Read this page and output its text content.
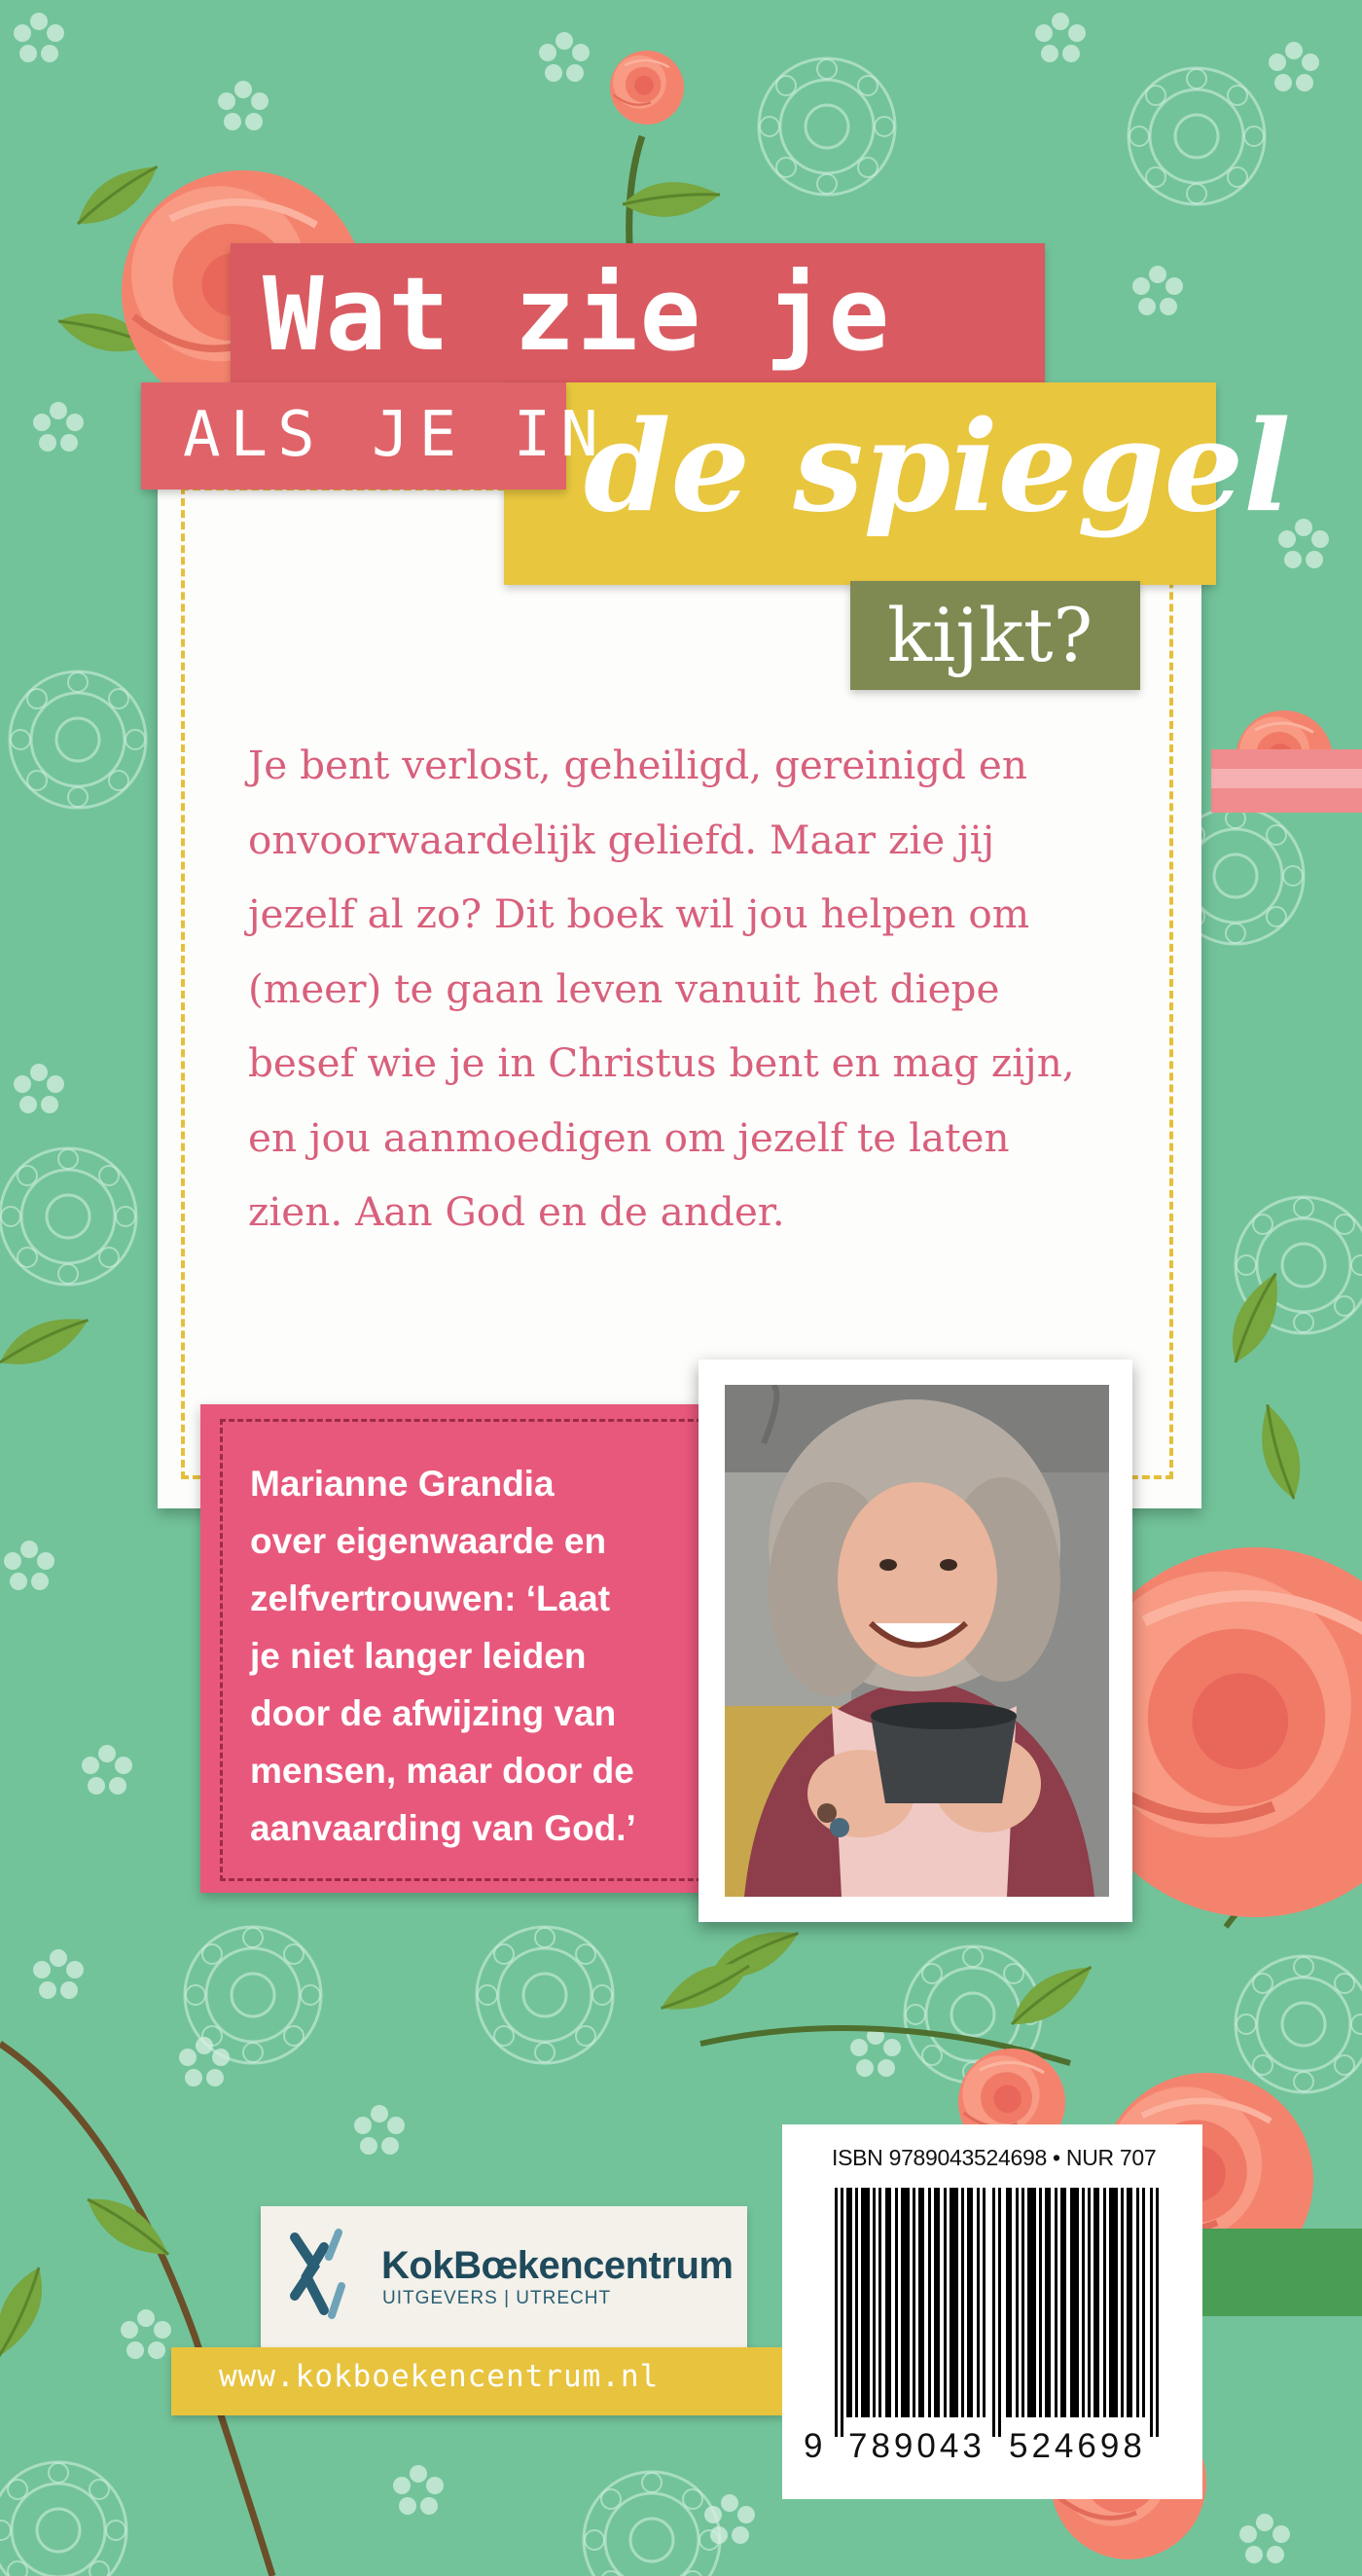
Wat zie je
de spiegel
ALS JE IN
kijkt?

Je bent verlost, geheiligd, gereinigd en
onvoorwaardelijk geliefd. Maar zie jij
jezelf al zo? Dit boek wil jou helpen om
(meer) te gaan leven vanuit het diepe
besef wie je in Christus bent en mag zijn,
en jou aanmoedigen om jezelf te laten
zien. Aan God en de ander.

Marianne Grandia
over eigenwaarde en
zelfvertrouwen: ‘Laat
je niet langer leiden
door de afwijzing van
mensen, maar door de
aanvaarding van God.’

KokBœkencentrum
UITGEVERS | UTRECHT
www.kokboekencentrum.nl
ISBN 9789043524698 • NUR 707
9 789043 524698
